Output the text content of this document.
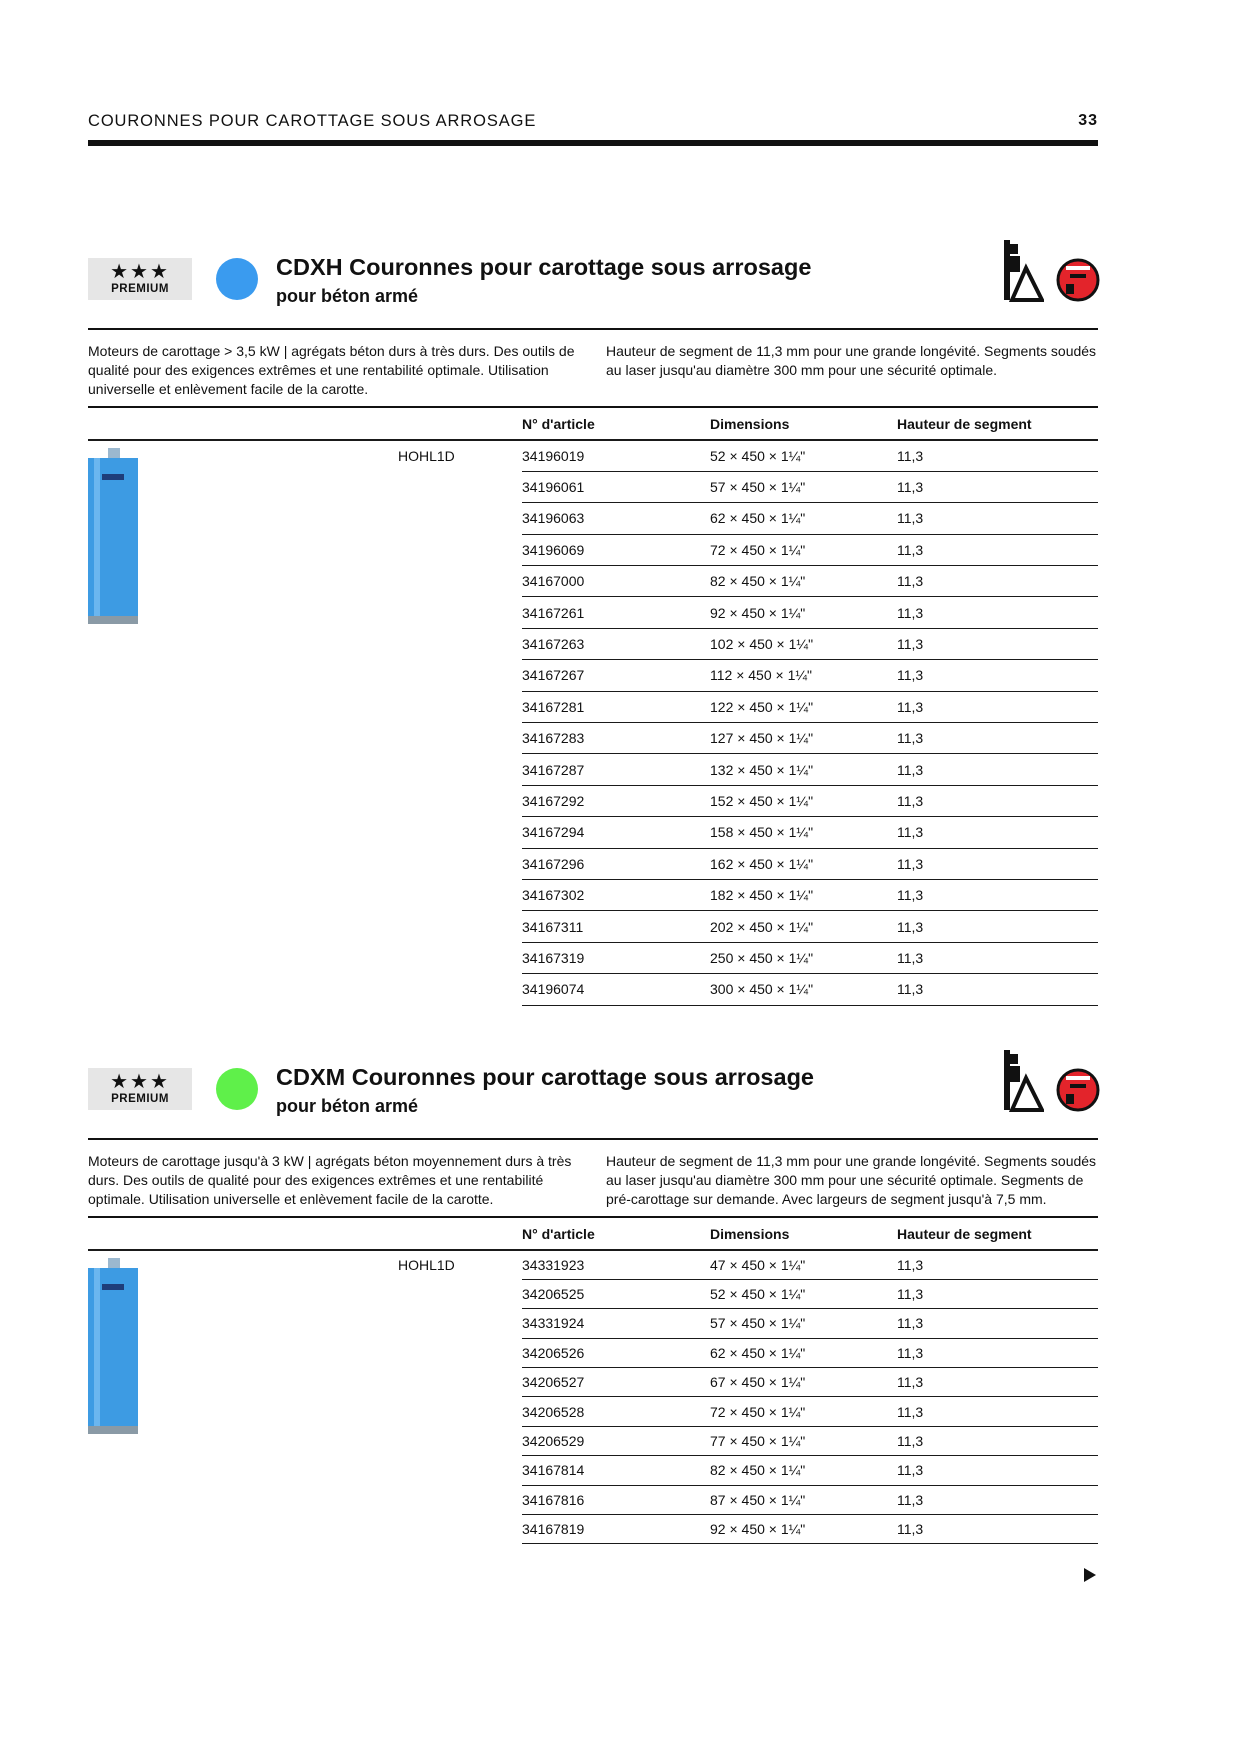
COURONNES POUR CAROTTAGE SOUS ARROSAGE	33
★★★
PREMIUM
CDXH Couronnes pour carottage sous arrosage
pour béton armé

Moteurs de carottage > 3,5 kW | agrégats béton durs à très durs. Des outils de qualité pour des exigences extrêmes et une rentabilité optimale. Utilisation universelle et enlèvement facile de la carotte.

Hauteur de segment de 11,3 mm pour une grande longévité. Segments soudés au laser jusqu'au diamètre 300 mm pour une sécurité optimale.

		N° d'article	Dimensions	Hauteur de segment
	HOHL1D	34196019	52 × 450 × 1¼"	11,3
		34196061	57 × 450 × 1¼"	11,3
		34196063	62 × 450 × 1¼"	11,3
		34196069	72 × 450 × 1¼"	11,3
		34167000	82 × 450 × 1¼"	11,3
		34167261	92 × 450 × 1¼"	11,3
		34167263	102 × 450 × 1¼"	11,3
		34167267	112 × 450 × 1¼"	11,3
		34167281	122 × 450 × 1¼"	11,3
		34167283	127 × 450 × 1¼"	11,3
		34167287	132 × 450 × 1¼"	11,3
		34167292	152 × 450 × 1¼"	11,3
		34167294	158 × 450 × 1¼"	11,3
		34167296	162 × 450 × 1¼"	11,3
		34167302	182 × 450 × 1¼"	11,3
		34167311	202 × 450 × 1¼"	11,3
		34167319	250 × 450 × 1¼"	11,3
		34196074	300 × 450 × 1¼"	11,3
★★★
PREMIUM
CDXM Couronnes pour carottage sous arrosage
pour béton armé

Moteurs de carottage jusqu'à 3 kW | agrégats béton moyennement durs à très durs. Des outils de qualité pour des exigences extrêmes et une rentabilité optimale. Utilisation universelle et enlèvement facile de la carotte.

Hauteur de segment de 11,3 mm pour une grande longévité. Segments soudés au laser jusqu'au diamètre 300 mm pour une sécurité optimale. Segments de pré-carottage sur demande. Avec largeurs de segment jusqu'à 7,5 mm.

		N° d'article	Dimensions	Hauteur de segment
	HOHL1D	34331923	47 × 450 × 1¼"	11,3
		34206525	52 × 450 × 1¼"	11,3
		34331924	57 × 450 × 1¼"	11,3
		34206526	62 × 450 × 1¼"	11,3
		34206527	67 × 450 × 1¼"	11,3
		34206528	72 × 450 × 1¼"	11,3
		34206529	77 × 450 × 1¼"	11,3
		34167814	82 × 450 × 1¼"	11,3
		34167816	87 × 450 × 1¼"	11,3
		34167819	92 × 450 × 1¼"	11,3
